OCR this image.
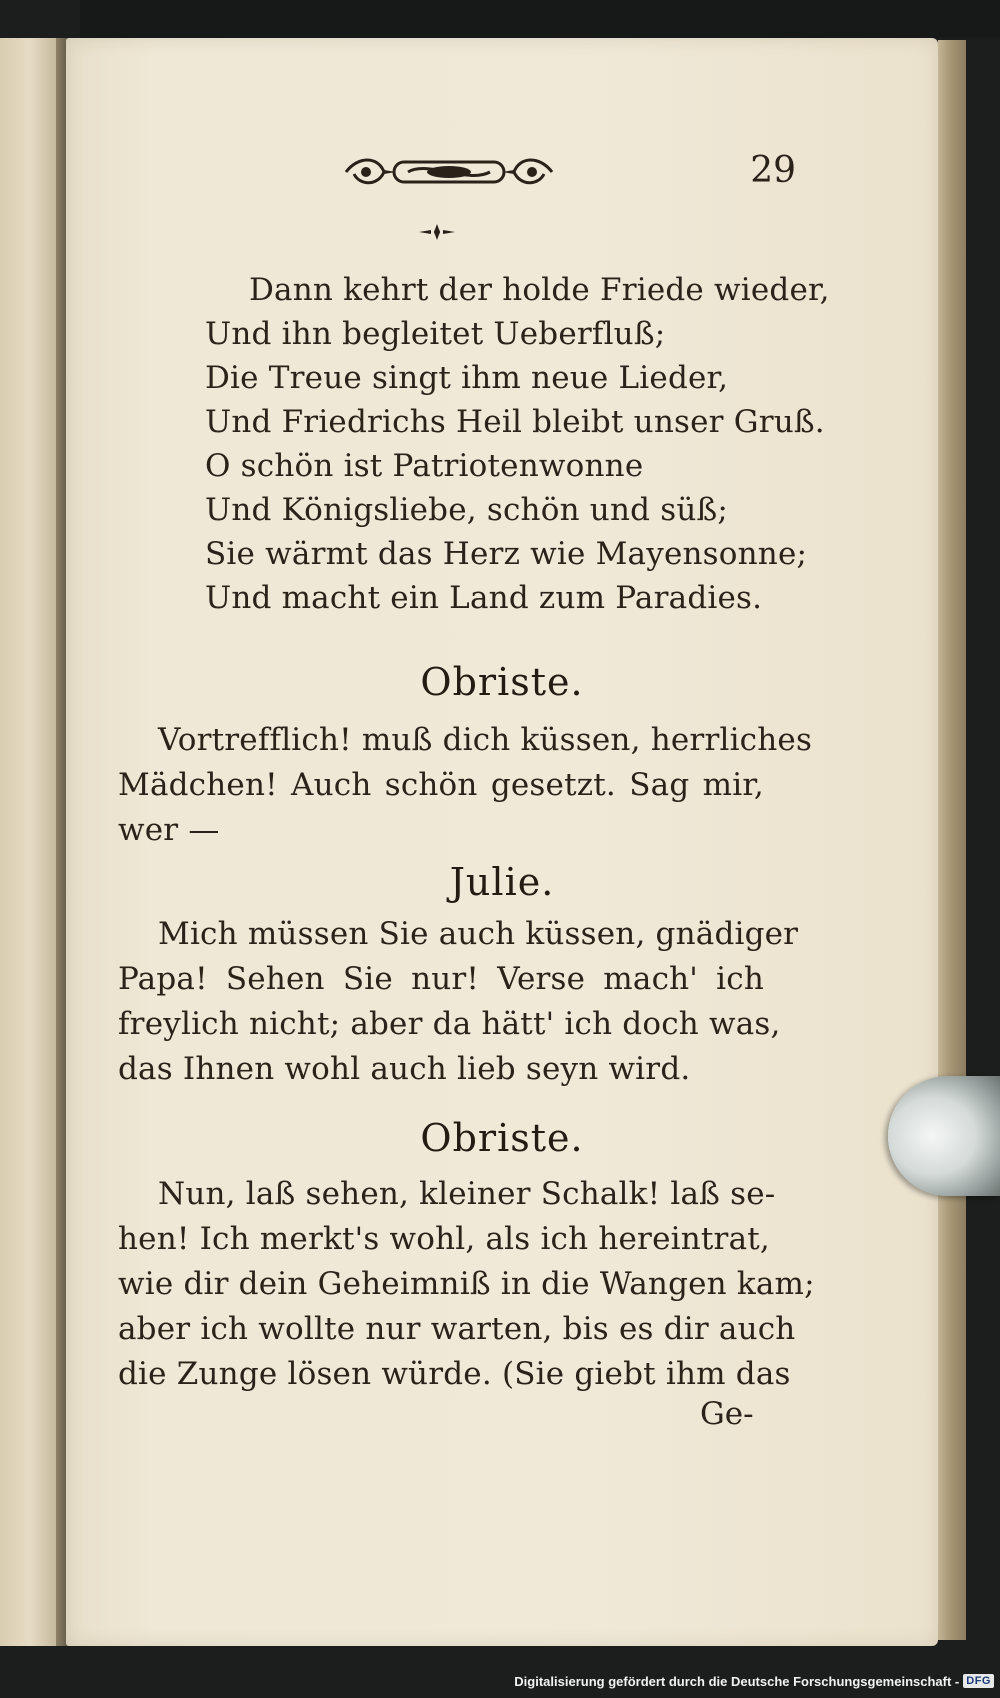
29
Dann kehrt der holde Friede wieder,
Und ihn begleitet Ueberfluß;
Die Treue singt ihm neue Lieder,
Und Friedrichs Heil bleibt unser Gruß.
O schön ist Patriotenwonne
Und Königsliebe, schön und süß;
Sie wärmt das Herz wie Mayensonne;
Und macht ein Land zum Paradies.
Obriste.
Vortrefflich! muß dich küssen, herrliches
Mädchen! Auch schön gesetzt. Sag mir,
wer —
Julie.
Mich müssen Sie auch küssen, gnädiger
Papa! Sehen Sie nur! Verse mach' ich
freylich nicht; aber da hätt' ich doch was,
das Ihnen wohl auch lieb seyn wird.
Obriste.
Nun, laß sehen, kleiner Schalk! laß se-
hen! Ich merkt's wohl, als ich hereintrat,
wie dir dein Geheimniß in die Wangen kam;
aber ich wollte nur warten, bis es dir auch
die Zunge lösen würde. (Sie giebt ihm das
Ge-
Digitalisierung gefördert durch die Deutsche Forschungsgemeinschaft - DFG
